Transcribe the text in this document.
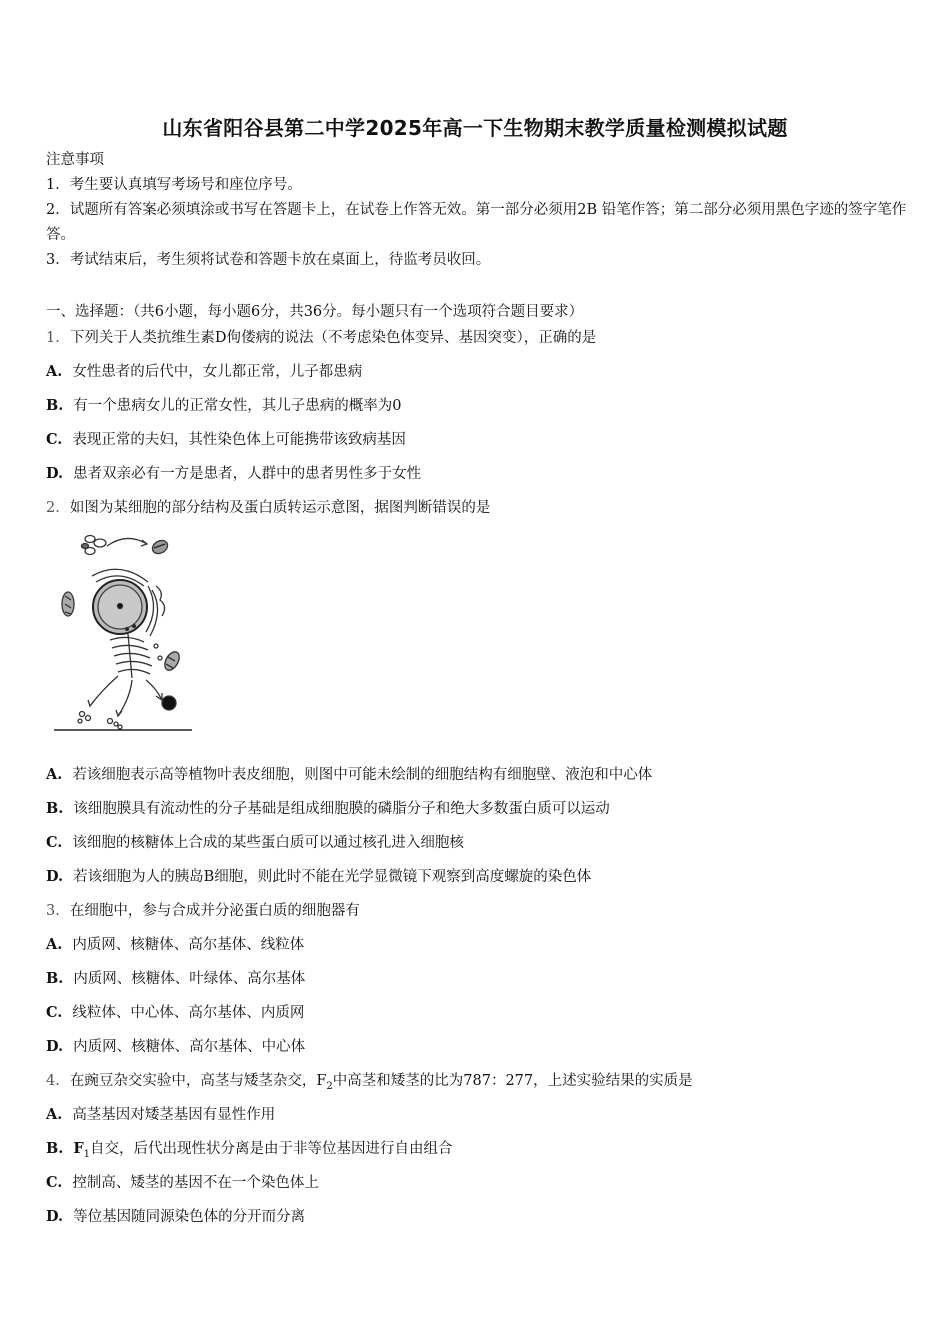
山东省阳谷县第二中学2025年高一下生物期末教学质量检测模拟试题
注意事项
1．考生要认真填写考场号和座位序号。
2．试题所有答案必须填涂或书写在答题卡上，在试卷上作答无效。第一部分必须用2B 铅笔作答；第二部分必须用黑色字迹的签字笔作答。
3．考试结束后，考生须将试卷和答题卡放在桌面上，待监考员收回。
一、选择题：（共6小题，每小题6分，共36分。每小题只有一个选项符合题目要求）
1. 下列关于人类抗维生素D佝偻病的说法（不考虑染色体变异、基因突变），正确的是
A. 女性患者的后代中，女儿都正常，儿子都患病
B. 有一个患病女儿的正常女性，其儿子患病的概率为0
C. 表现正常的夫妇，其性染色体上可能携带该致病基因
D. 患者双亲必有一方是患者，人群中的患者男性多于女性
2. 如图为某细胞的部分结构及蛋白质转运示意图，据图判断错误的是
A. 若该细胞表示高等植物叶表皮细胞，则图中可能未绘制的细胞结构有细胞壁、液泡和中心体
B. 该细胞膜具有流动性的分子基础是组成细胞膜的磷脂分子和绝大多数蛋白质可以运动
C. 该细胞的核糖体上合成的某些蛋白质可以通过核孔进入细胞核
D. 若该细胞为人的胰岛B细胞，则此时不能在光学显微镜下观察到高度螺旋的染色体
3. 在细胞中，参与合成并分泌蛋白质的细胞器有
A. 内质网、核糖体、高尔基体、线粒体
B. 内质网、核糖体、叶绿体、高尔基体
C. 线粒体、中心体、高尔基体、内质网
D. 内质网、核糖体、高尔基体、中心体
4. 在豌豆杂交实验中，高茎与矮茎杂交，$F_2$中高茎和矮茎的比为787：277，上述实验结果的实质是
A. 高茎基因对矮茎基因有显性作用
B. $F_1$自交，后代出现性状分离是由于非等位基因进行自由组合
C. 控制高、矮茎的基因不在一个染色体上
D. 等位基因随同源染色体的分开而分离
